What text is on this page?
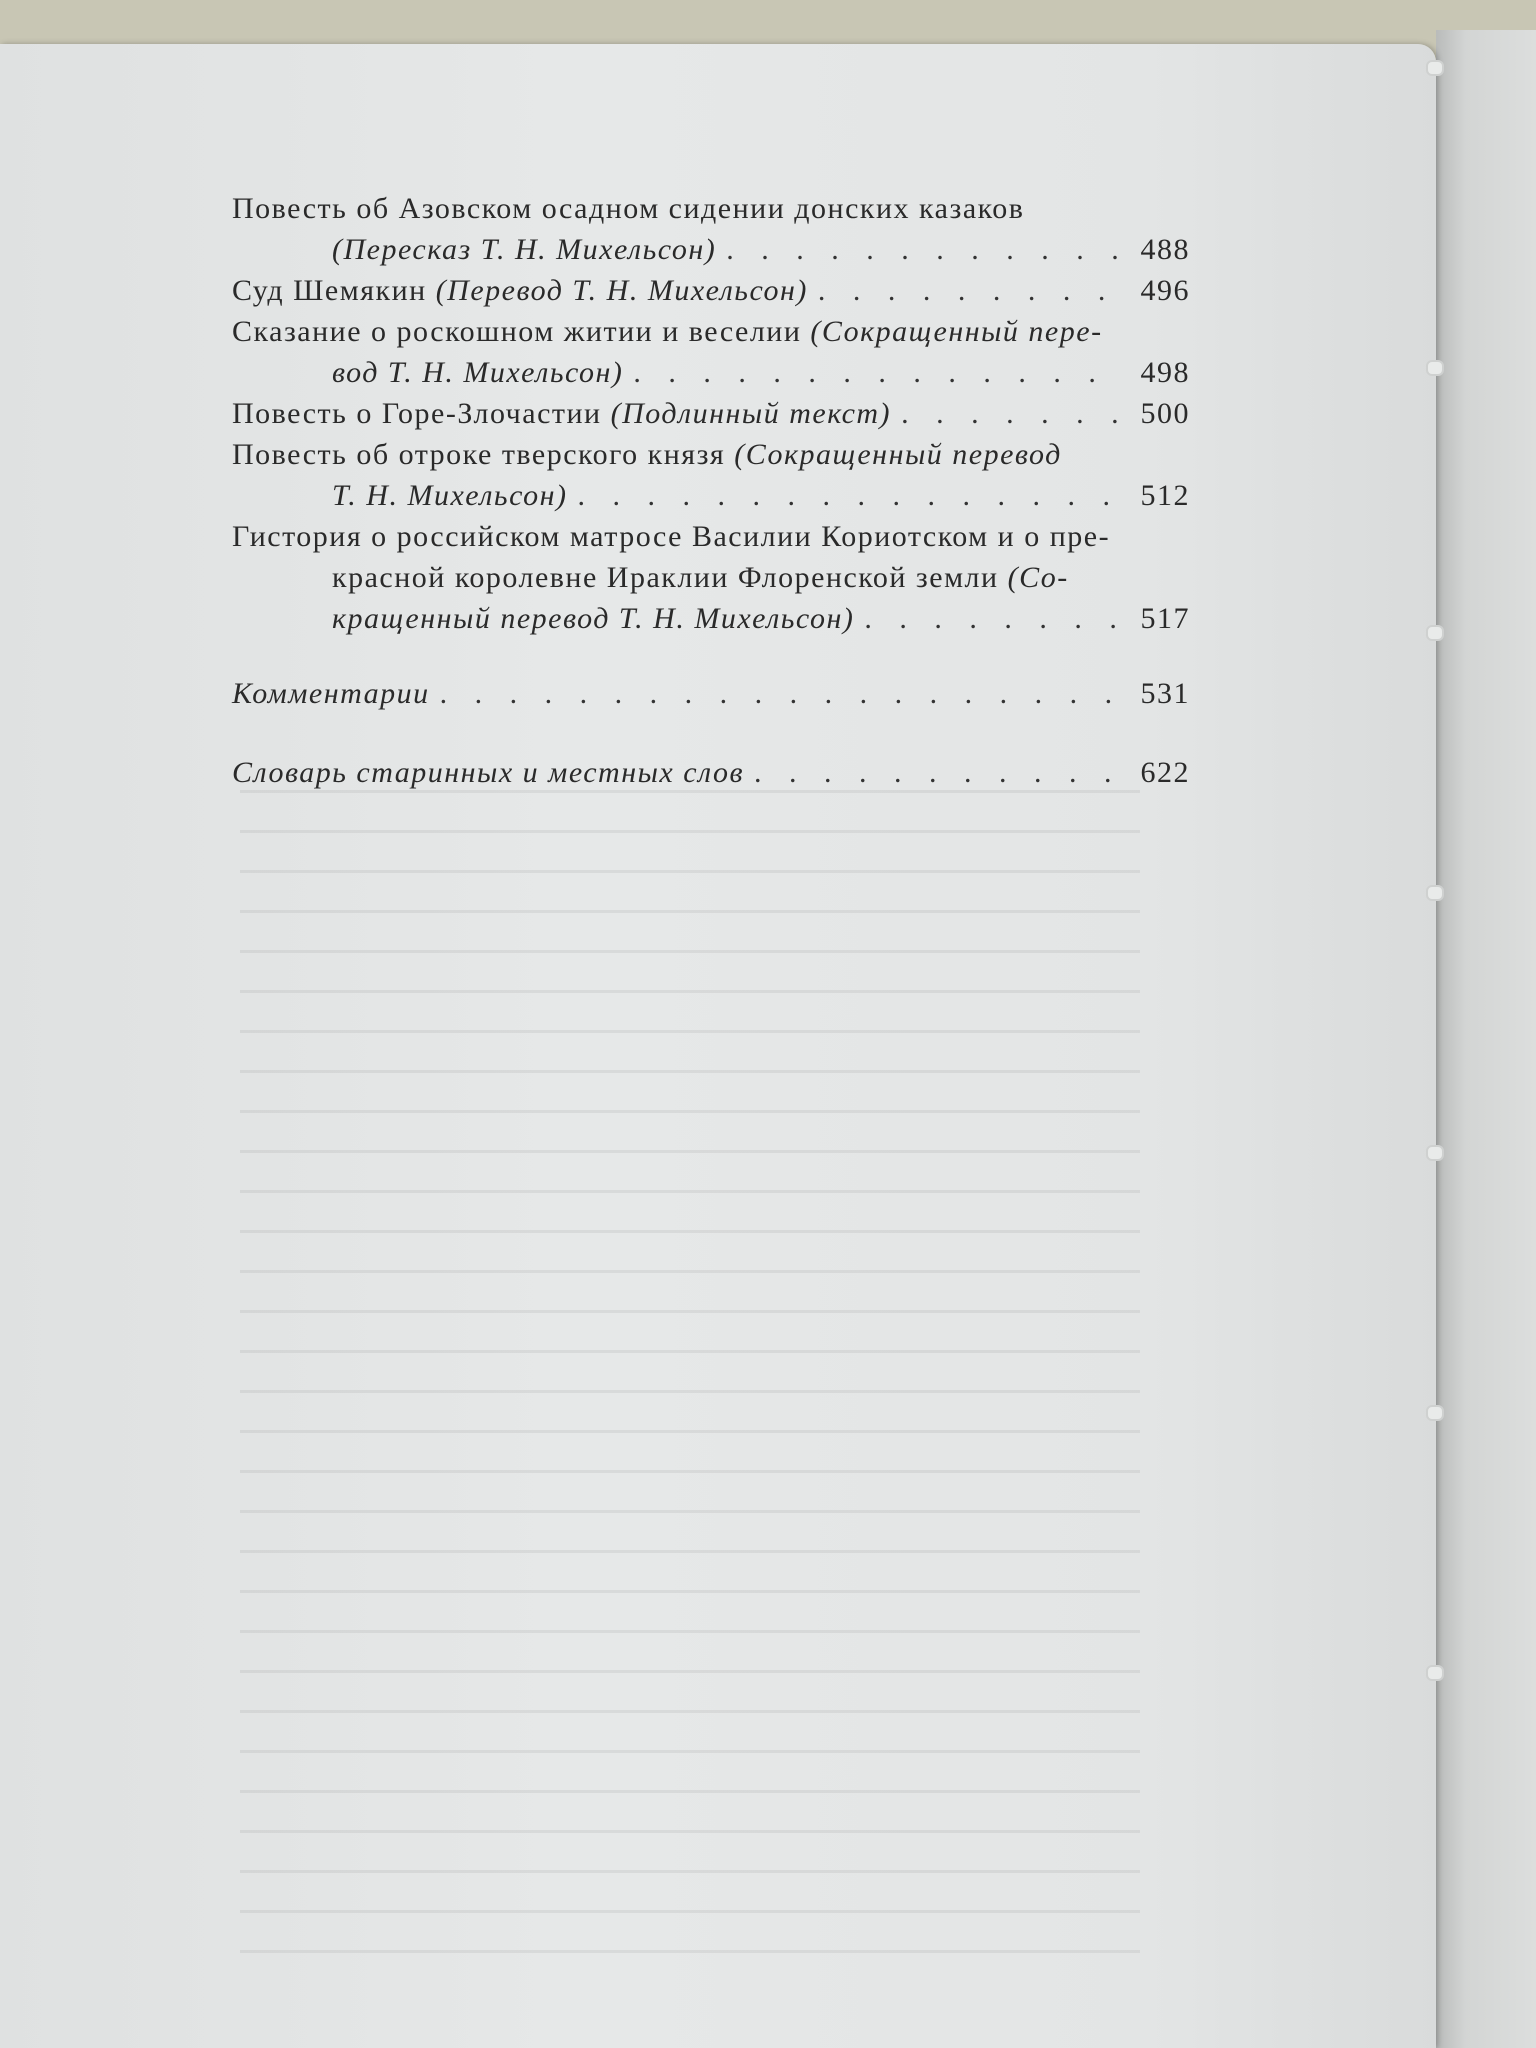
Повесть об Азовском осадном сидении донских казаков
(Пересказ Т. Н. Михельсон) . . .	488
Суд Шемякин (Перевод Т. Н. Михельсон) . . .	496
Сказание о роскошном житии и веселии (Сокращенный пере-
вод Т. Н. Михельсон) . . .	498
Повесть о Горе-Злочастии (Подлинный текст) . . .	500
Повесть об отроке тверского князя (Сокращенный перевод
Т. Н. Михельсон) . . .	512
Гистория о российском матросе Василии Кориотском и о пре-
красной королевне Ираклии Флоренской земли (Со-
кращенный перевод Т. Н. Михельсон) . . .	517
Комментарии . . .	531
Словарь старинных и местных слов . . .	622
